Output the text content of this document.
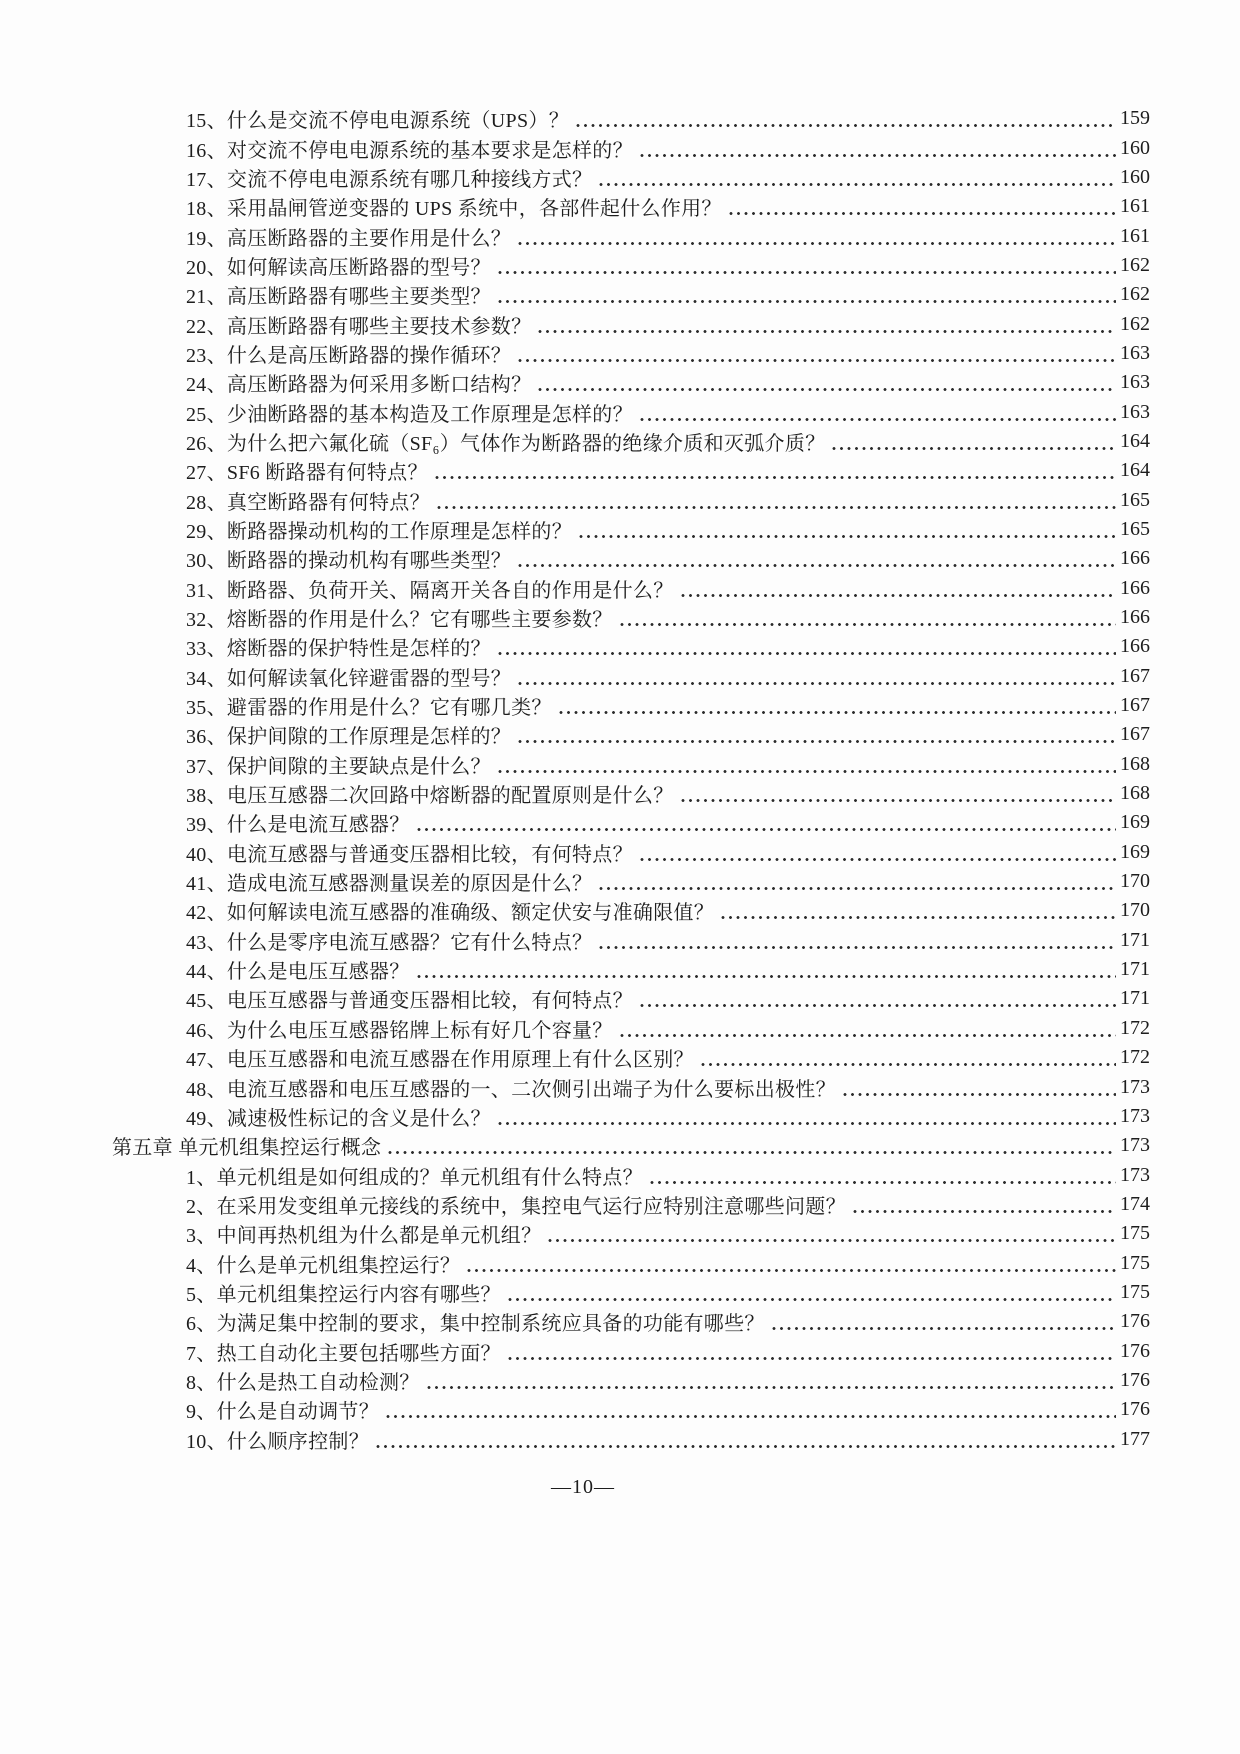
15、什么是交流不停电电源系统（UPS）？	159
16、对交流不停电电源系统的基本要求是怎样的？	160
17、交流不停电电源系统有哪几种接线方式？	160
18、采用晶闸管逆变器的 UPS 系统中，各部件起什么作用？	161
19、高压断路器的主要作用是什么？	161
20、如何解读高压断路器的型号？	162
21、高压断路器有哪些主要类型？	162
22、高压断路器有哪些主要技术参数？	162
23、什么是高压断路器的操作循环？	163
24、高压断路器为何采用多断口结构？	163
25、少油断路器的基本构造及工作原理是怎样的？	163
26、为什么把六氟化硫（SF₆）气体作为断路器的绝缘介质和灭弧介质？	164
27、SF6 断路器有何特点？	164
28、真空断路器有何特点？	165
29、断路器操动机构的工作原理是怎样的？	165
30、断路器的操动机构有哪些类型？	166
31、断路器、负荷开关、隔离开关各自的作用是什么？	166
32、熔断器的作用是什么？它有哪些主要参数？	166
33、熔断器的保护特性是怎样的？	166
34、如何解读氧化锌避雷器的型号？	167
35、避雷器的作用是什么？它有哪几类？	167
36、保护间隙的工作原理是怎样的？	167
37、保护间隙的主要缺点是什么？	168
38、电压互感器二次回路中熔断器的配置原则是什么？	168
39、什么是电流互感器？	169
40、电流互感器与普通变压器相比较，有何特点？	169
41、造成电流互感器测量误差的原因是什么？	170
42、如何解读电流互感器的准确级、额定伏安与准确限值？	170
43、什么是零序电流互感器？它有什么特点？	171
44、什么是电压互感器？	171
45、电压互感器与普通变压器相比较，有何特点？	171
46、为什么电压互感器铭牌上标有好几个容量？	172
47、电压互感器和电流互感器在作用原理上有什么区别？	172
48、电流互感器和电压互感器的一、二次侧引出端子为什么要标出极性？	173
49、减速极性标记的含义是什么？	173
第五章 单元机组集控运行概念	173
1、单元机组是如何组成的？单元机组有什么特点？	173
2、在采用发变组单元接线的系统中，集控电气运行应特别注意哪些问题？	174
3、中间再热机组为什么都是单元机组？	175
4、什么是单元机组集控运行？	175
5、单元机组集控运行内容有哪些？	175
6、为满足集中控制的要求，集中控制系统应具备的功能有哪些？	176
7、热工自动化主要包括哪些方面？	176
8、什么是热工自动检测？	176
9、什么是自动调节？	176
10、什么顺序控制？	177
—10—
